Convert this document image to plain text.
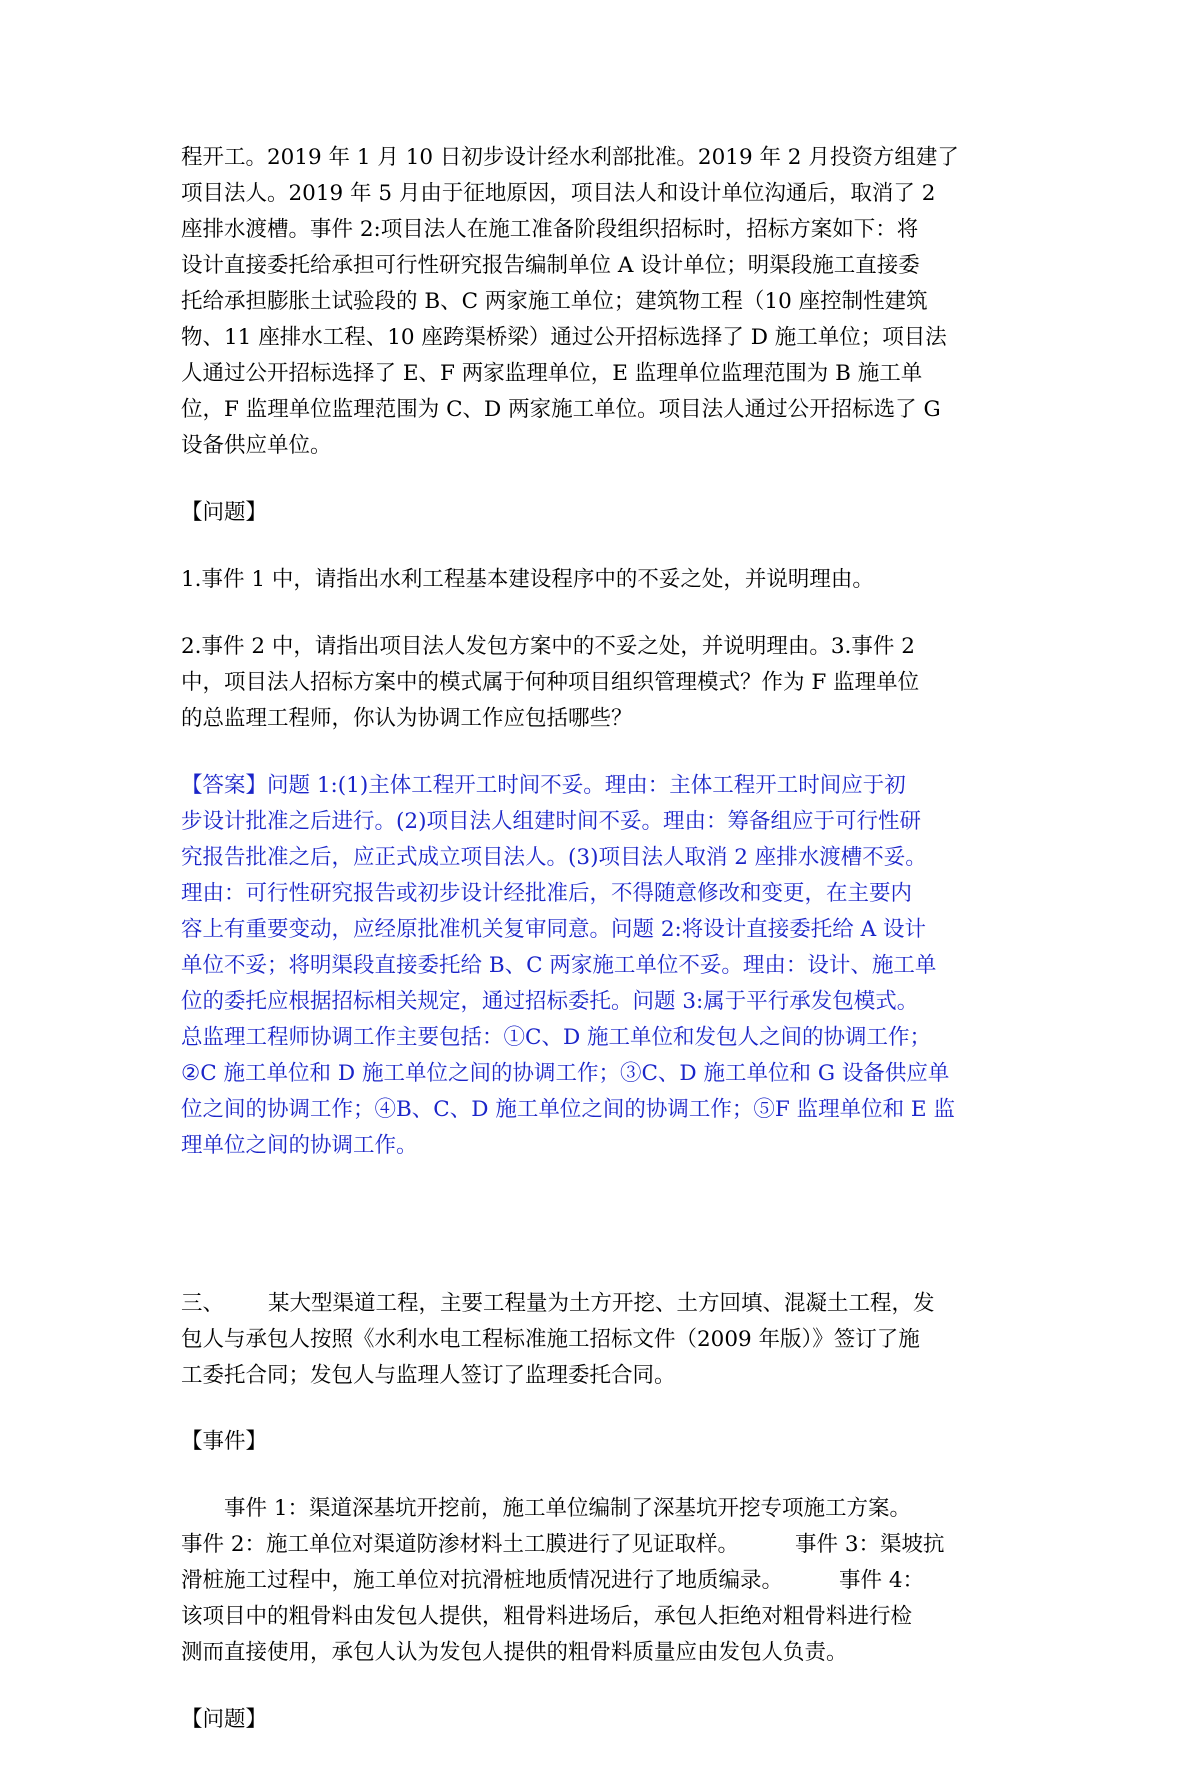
程开工。2019 年 1 月 10 日初步设计经水利部批准。2019 年 2 月投资方组建了
项目法人。2019 年 5 月由于征地原因，项目法人和设计单位沟通后，取消了 2
座排水渡槽。事件 2:项目法人在施工准备阶段组织招标时，招标方案如下：将
设计直接委托给承担可行性研究报告编制单位 A 设计单位；明渠段施工直接委
托给承担膨胀土试验段的 B、C 两家施工单位；建筑物工程（10 座控制性建筑
物、11 座排水工程、10 座跨渠桥梁）通过公开招标选择了 D 施工单位；项目法
人通过公开招标选择了 E、F 两家监理单位，E 监理单位监理范围为 B 施工单
位，F 监理单位监理范围为 C、D 两家施工单位。项目法人通过公开招标选了 G
设备供应单位。

【问题】

1.事件 1 中，请指出水利工程基本建设程序中的不妥之处，并说明理由。

2.事件 2 中，请指出项目法人发包方案中的不妥之处，并说明理由。3.事件 2
中，项目法人招标方案中的模式属于何种项目组织管理模式？作为 F 监理单位
的总监理工程师，你认为协调工作应包括哪些？

【答案】问题 1:(1)主体工程开工时间不妥。理由：主体工程开工时间应于初
步设计批准之后进行。(2)项目法人组建时间不妥。理由：筹备组应于可行性研
究报告批准之后，应正式成立项目法人。(3)项目法人取消 2 座排水渡槽不妥。
理由：可行性研究报告或初步设计经批准后，不得随意修改和变更，在主要内
容上有重要变动，应经原批准机关复审同意。问题 2:将设计直接委托给 A 设计
单位不妥；将明渠段直接委托给 B、C 两家施工单位不妥。理由：设计、施工单
位的委托应根据招标相关规定，通过招标委托。问题 3:属于平行承发包模式。
总监理工程师协调工作主要包括：①C、D 施工单位和发包人之间的协调工作；
②C 施工单位和 D 施工单位之间的协调工作；③C、D 施工单位和 G 设备供应单
位之间的协调工作；④B、C、D 施工单位之间的协调工作；⑤F 监理单位和 E 监
理单位之间的协调工作。

三、 某大型渠道工程，主要工程量为土方开挖、土方回填、混凝土工程，发
包人与承包人按照《水利水电工程标准施工招标文件（2009 年版）》签订了施
工委托合同；发包人与监理人签订了监理委托合同。

【事件】

事件 1：渠道深基坑开挖前，施工单位编制了深基坑开挖专项施工方案。
事件 2：施工单位对渠道防渗材料土工膜进行了见证取样。	事件 3：渠坡抗
滑桩施工过程中，施工单位对抗滑桩地质情况进行了地质编录。	事件 4：
该项目中的粗骨料由发包人提供，粗骨料进场后，承包人拒绝对粗骨料进行检
测而直接使用，承包人认为发包人提供的粗骨料质量应由发包人负责。

【问题】
